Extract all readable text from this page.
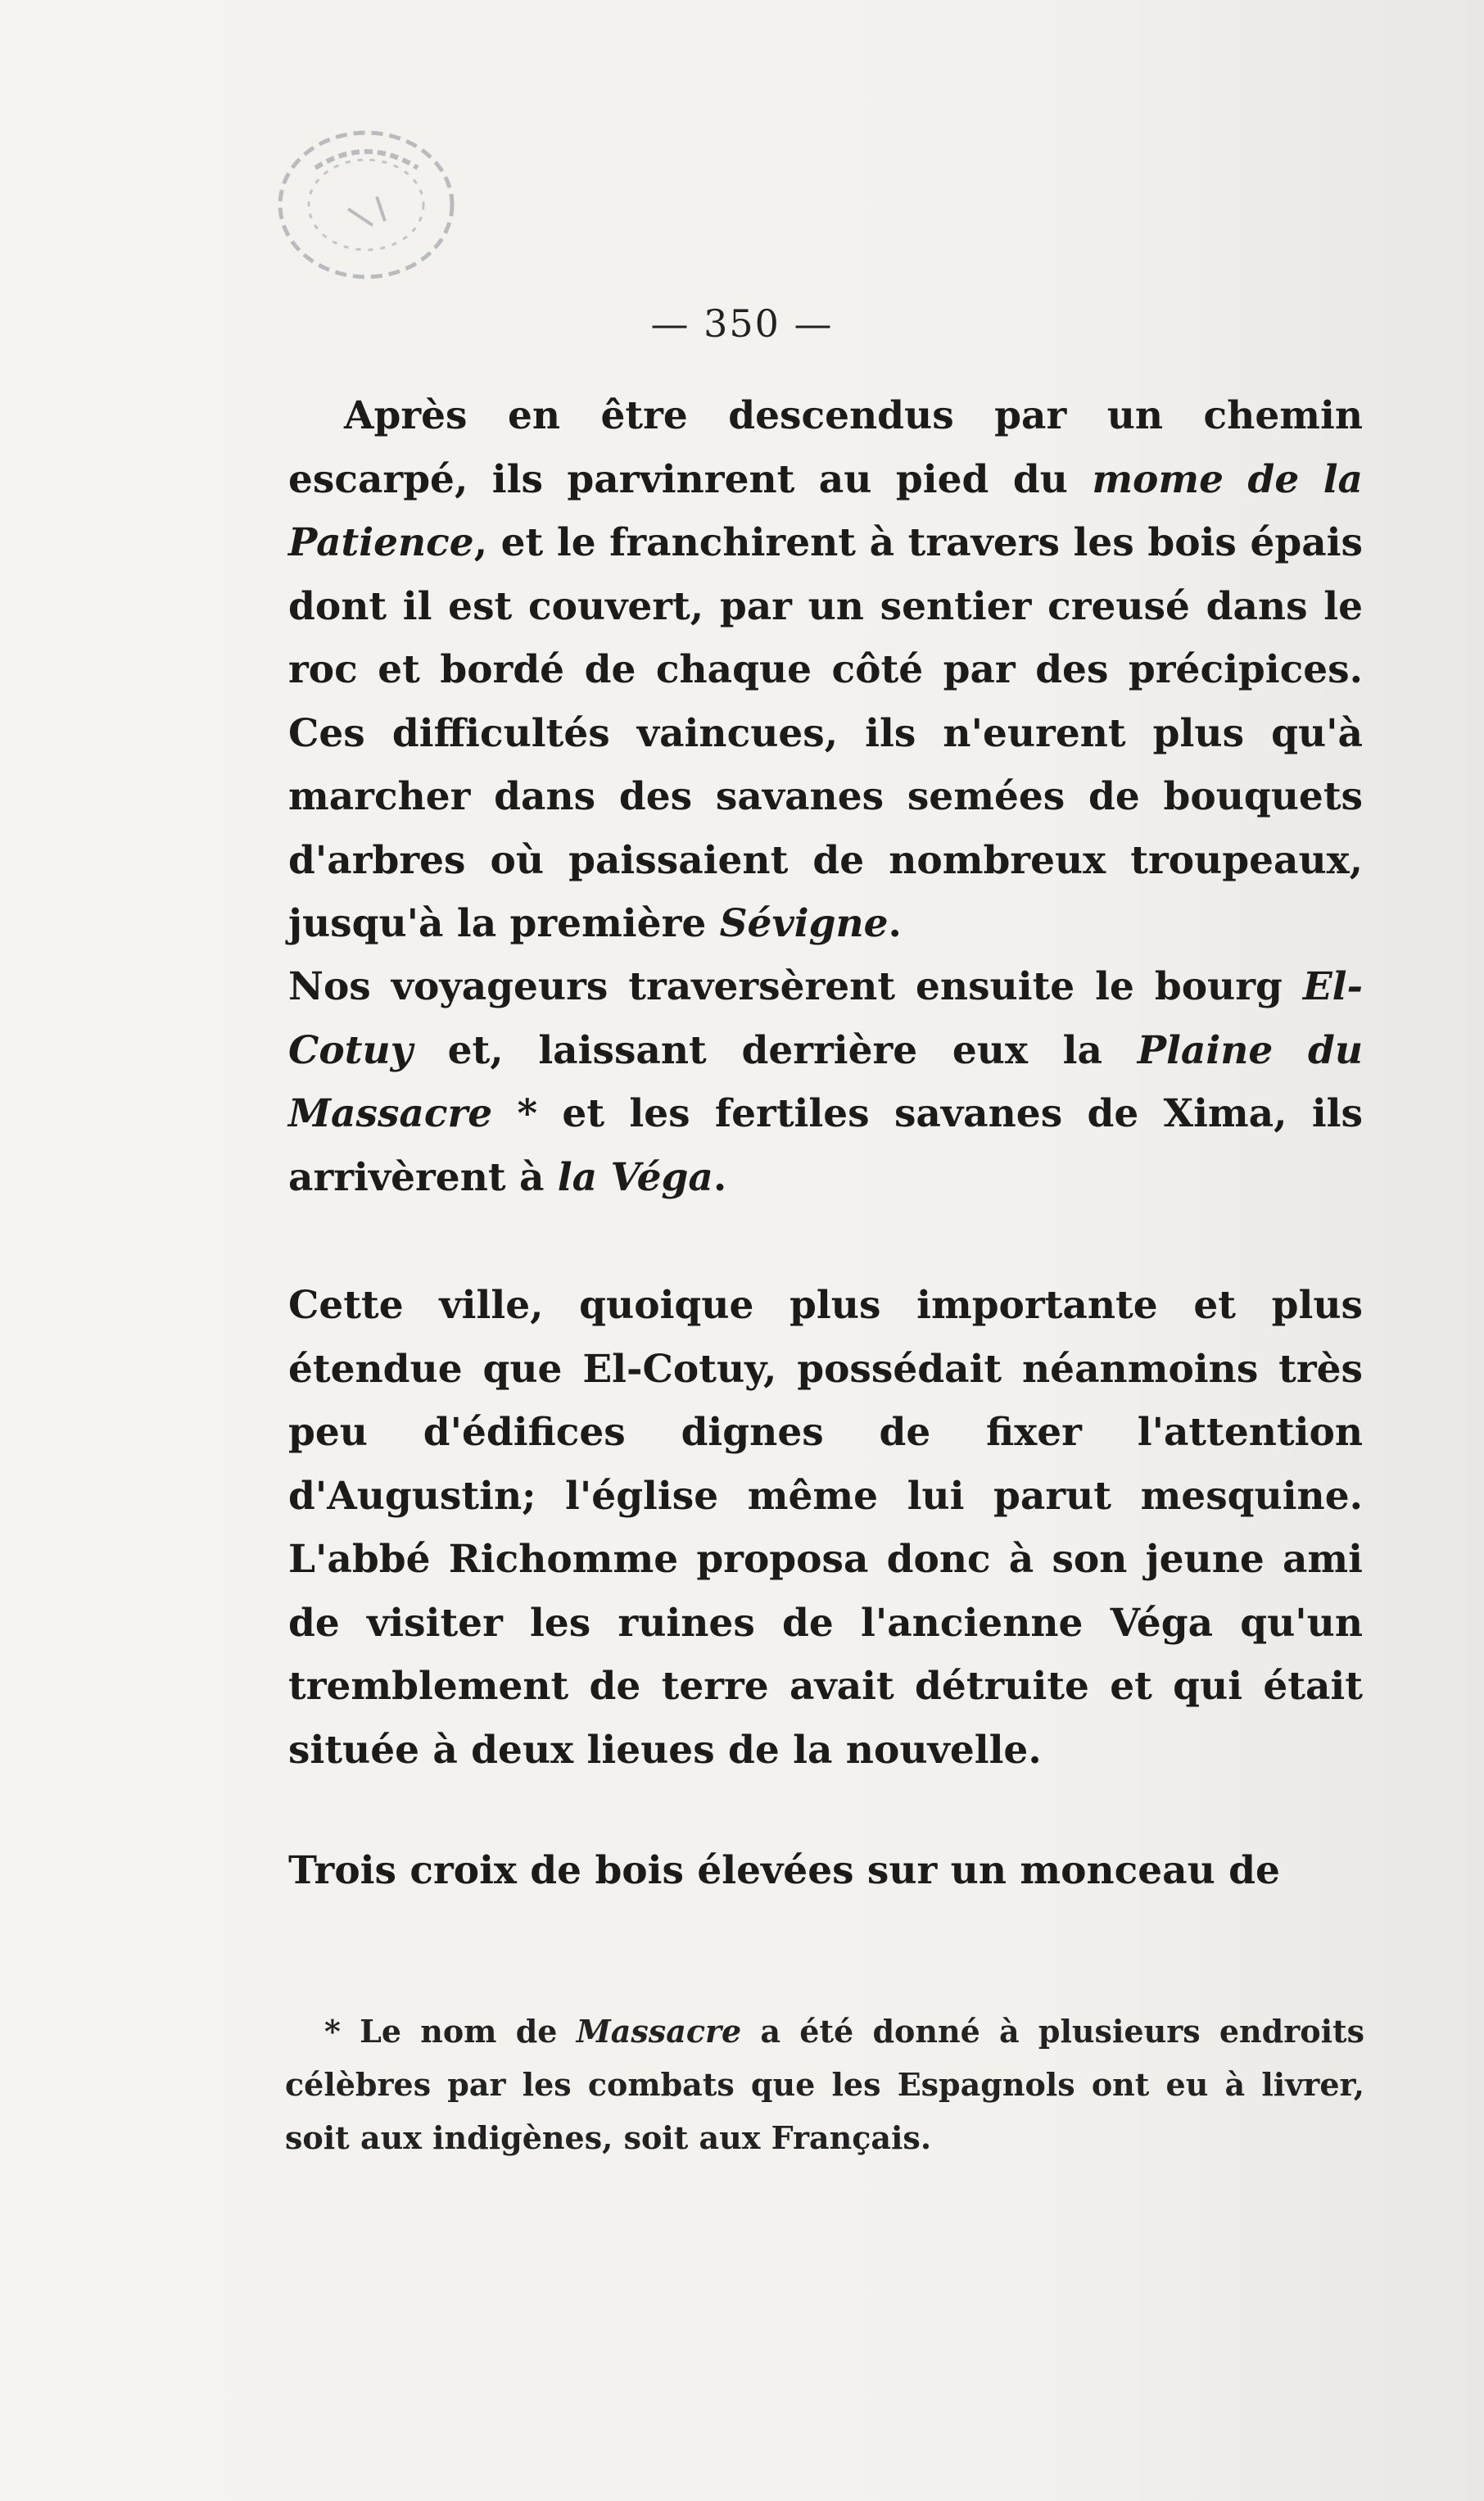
— 350 —
Après en être descendus par un chemin escarpé, ils parvinrent au pied du mome de la Patience, et le franchirent à travers les bois épais dont il est couvert, par un sentier creusé dans le roc et bordé de chaque côté par des précipices. Ces difficultés vaincues, ils n'eurent plus qu'à marcher dans des savanes semées de bouquets d'arbres où paissaient de nombreux troupeaux, jusqu'à la première Sévigne.
Nos voyageurs traversèrent ensuite le bourg El-Cotuy et, laissant derrière eux la Plaine du Massacre * et les fertiles savanes de Xima, ils arrivèrent à la Véga.
Cette ville, quoique plus importante et plus étendue que El-Cotuy, possédait néanmoins très peu d'édifices dignes de fixer l'attention d'Augustin; l'église même lui parut mesquine. L'abbé Richomme proposa donc à son jeune ami de visiter les ruines de l'ancienne Véga qu'un tremblement de terre avait détruite et qui était située à deux lieues de la nouvelle.
Trois croix de bois élevées sur un monceau de
* Le nom de Massacre a été donné à plusieurs endroits célèbres par les combats que les Espagnols ont eu à livrer, soit aux indigènes, soit aux Français.
